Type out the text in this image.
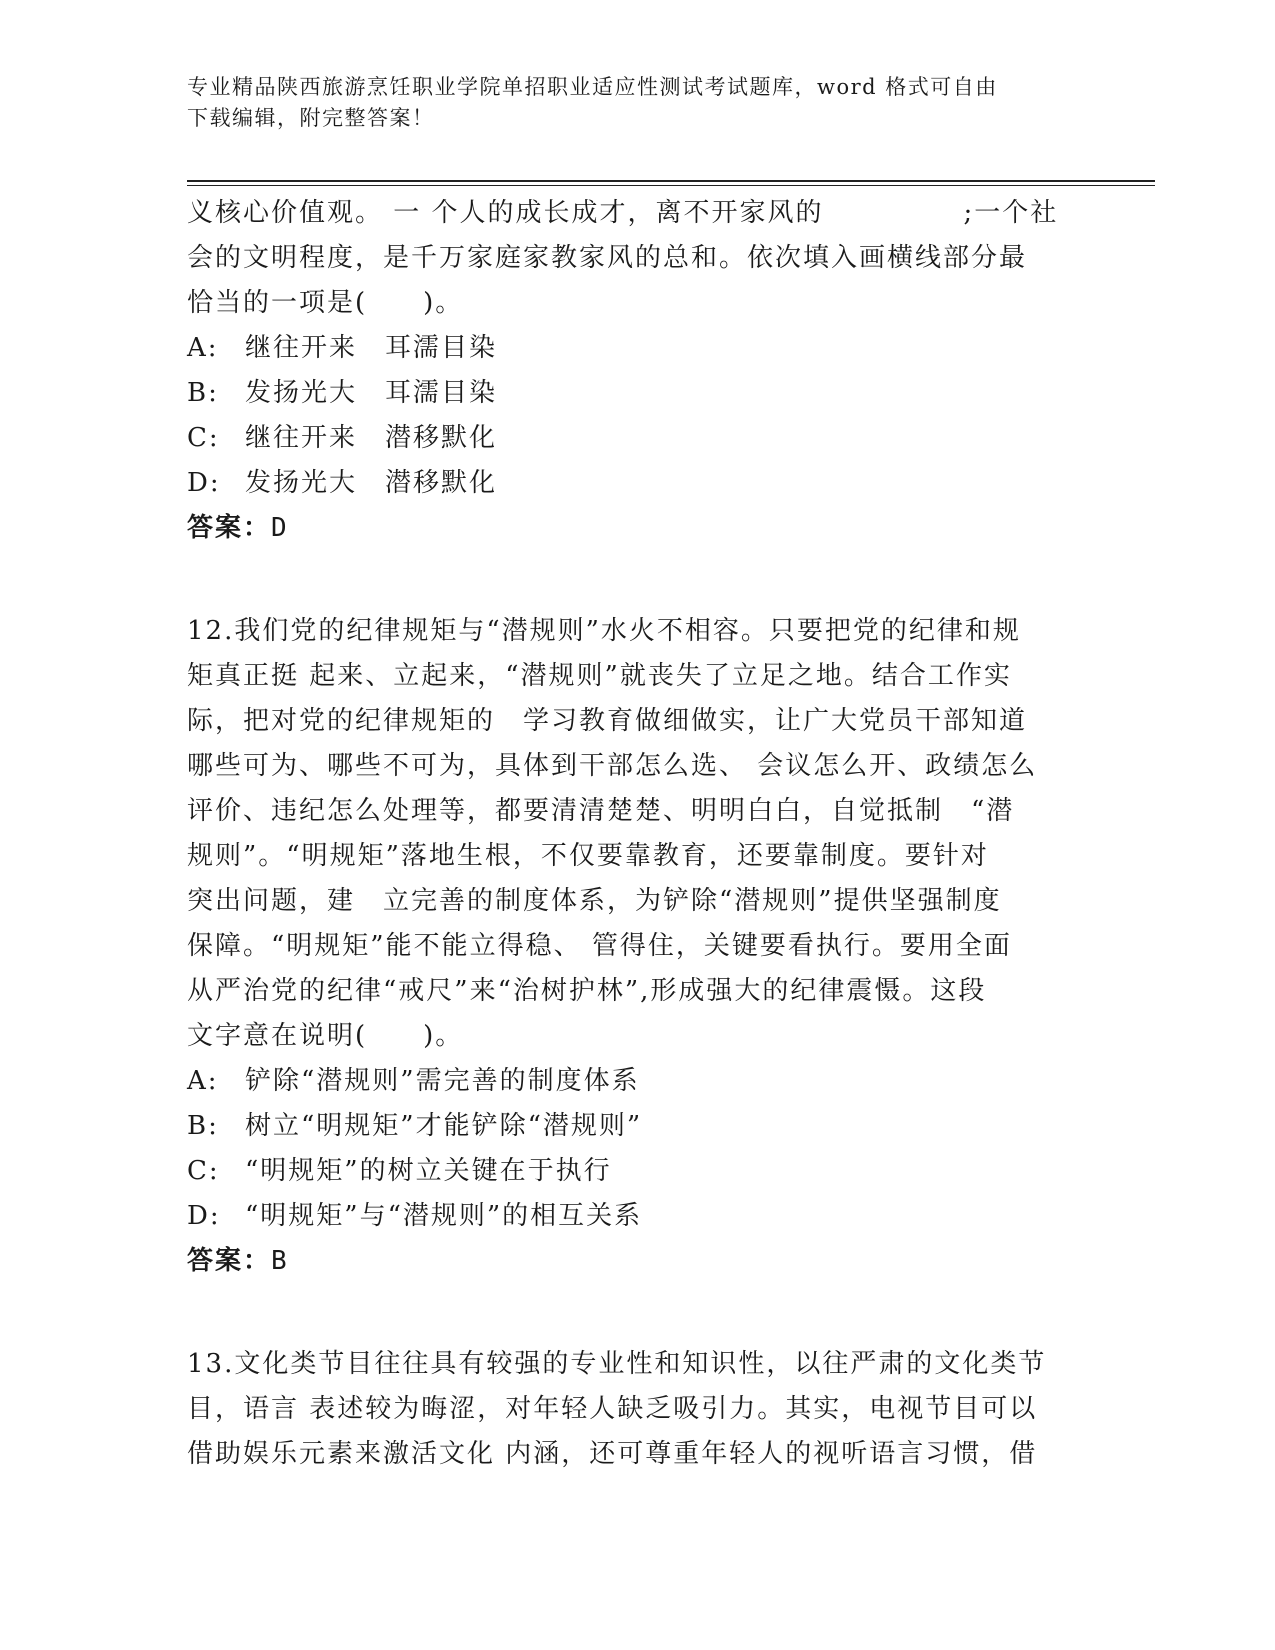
专业精品陕西旅游烹饪职业学院单招职业适应性测试考试题库，word 格式可自由
下载编辑，附完整答案！
义核心价值观。 一 个人的成长成才，离不开家风的　　　　　;一个社
会的文明程度，是千万家庭家教家风的总和。依次填入画横线部分最
恰当的一项是(　　)。
A: 继往开来　耳濡目染
B: 发扬光大　耳濡目染
C: 继往开来　潜移默化
D: 发扬光大　潜移默化
答案：D
12.我们党的纪律规矩与“潜规则”水火不相容。只要把党的纪律和规
矩真正挺 起来、立起来，“潜规则”就丧失了立足之地。结合工作实
际，把对党的纪律规矩的　学习教育做细做实，让广大党员干部知道
哪些可为、哪些不可为，具体到干部怎么选、 会议怎么开、政绩怎么
评价、违纪怎么处理等，都要清清楚楚、明明白白，自觉抵制　“潜
规则”。“明规矩”落地生根，不仅要靠教育，还要靠制度。要针对
突出问题，建　立完善的制度体系，为铲除“潜规则”提供坚强制度
保障。“明规矩”能不能立得稳、 管得住，关键要看执行。要用全面
从严治党的纪律“戒尺”来“治树护林”,形成强大的纪律震慑。这段
文字意在说明(　　)。
A: 铲除“潜规则”需完善的制度体系
B: 树立“明规矩”才能铲除“潜规则”
C: “明规矩”的树立关键在于执行
D: “明规矩”与“潜规则”的相互关系
答案：B
13.文化类节目往往具有较强的专业性和知识性，以往严肃的文化类节
目，语言 表述较为晦涩，对年轻人缺乏吸引力。其实，电视节目可以
借助娱乐元素来激活文化 内涵，还可尊重年轻人的视听语言习惯，借
